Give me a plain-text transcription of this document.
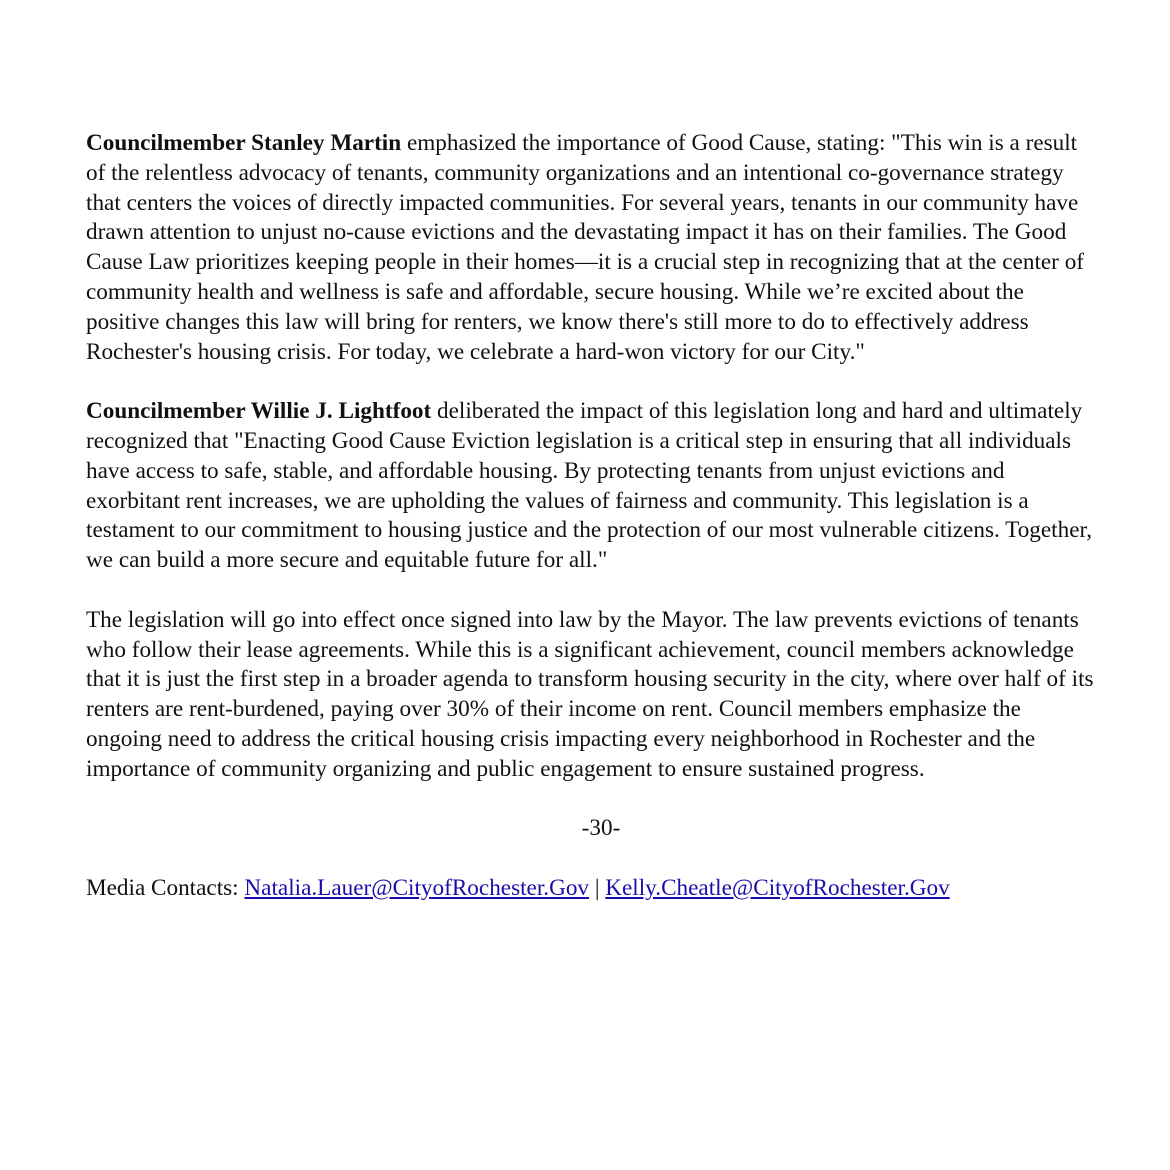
Councilmember Stanley Martin emphasized the importance of Good Cause, stating: "This win is a result of the relentless advocacy of tenants, community organizations and an intentional co-governance strategy that centers the voices of directly impacted communities. For several years, tenants in our community have drawn attention to unjust no-cause evictions and the devastating impact it has on their families. The Good Cause Law prioritizes keeping people in their homes—it is a crucial step in recognizing that at the center of community health and wellness is safe and affordable, secure housing. While we’re excited about the positive changes this law will bring for renters, we know there's still more to do to effectively address Rochester's housing crisis. For today, we celebrate a hard-won victory for our City."

Councilmember Willie J. Lightfoot deliberated the impact of this legislation long and hard and ultimately recognized that "Enacting Good Cause Eviction legislation is a critical step in ensuring that all individuals have access to safe, stable, and affordable housing. By protecting tenants from unjust evictions and exorbitant rent increases, we are upholding the values of fairness and community. This legislation is a testament to our commitment to housing justice and the protection of our most vulnerable citizens. Together, we can build a more secure and equitable future for all."

The legislation will go into effect once signed into law by the Mayor. The law prevents evictions of tenants who follow their lease agreements. While this is a significant achievement, council members acknowledge that it is just the first step in a broader agenda to transform housing security in the city, where over half of its renters are rent-burdened, paying over 30% of their income on rent. Council members emphasize the ongoing need to address the critical housing crisis impacting every neighborhood in Rochester and the importance of community organizing and public engagement to ensure sustained progress.

-30-

Media Contacts: Natalia.Lauer@CityofRochester.Gov | Kelly.Cheatle@CityofRochester.Gov
